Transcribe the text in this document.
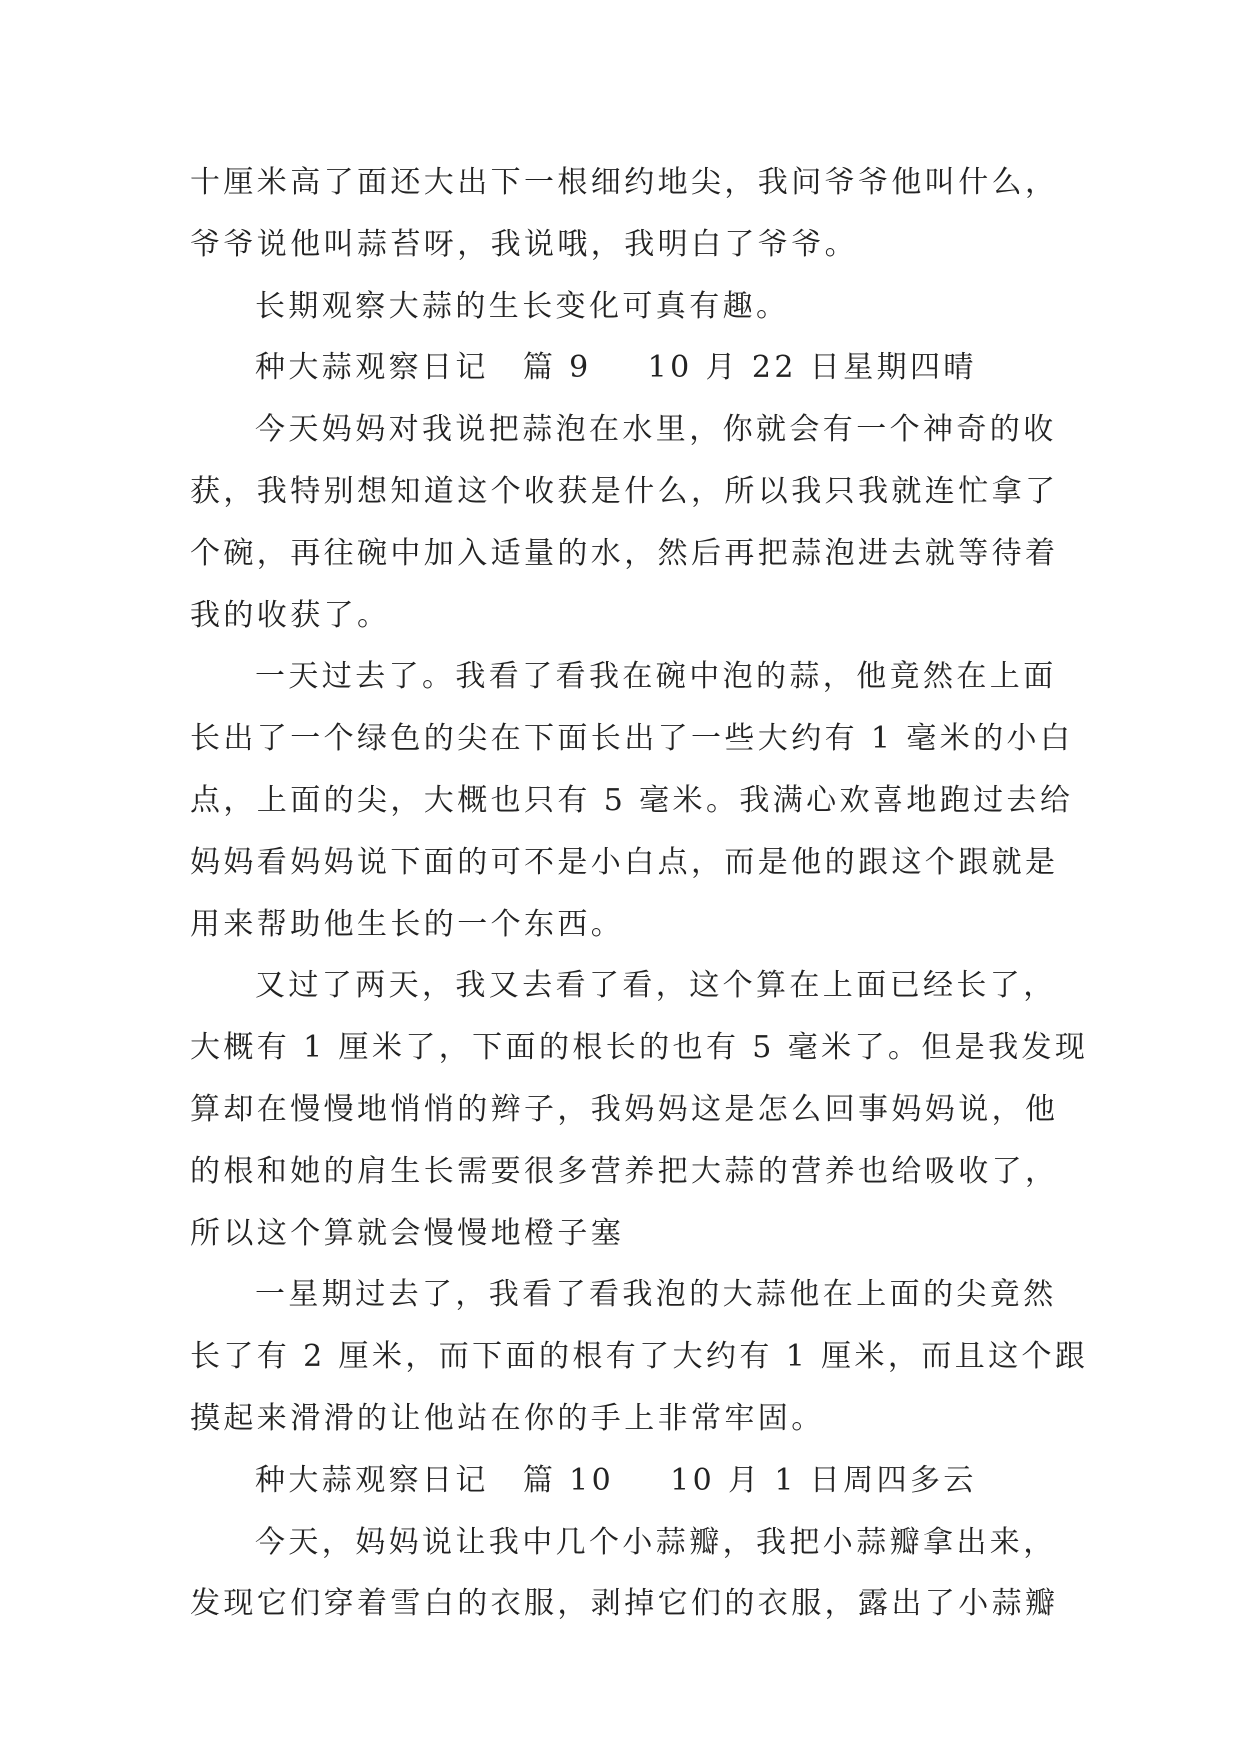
十厘米高了面还大出下一根细约地尖，我问爷爷他叫什么，
爷爷说他叫蒜苔呀，我说哦，我明白了爷爷。
长期观察大蒜的生长变化可真有趣。
种大蒜观察日记 篇 9 10 月 22 日星期四晴
今天妈妈对我说把蒜泡在水里，你就会有一个神奇的收
获，我特别想知道这个收获是什么，所以我只我就连忙拿了
个碗，再往碗中加入适量的水，然后再把蒜泡进去就等待着
我的收获了。
一天过去了。我看了看我在碗中泡的蒜，他竟然在上面
长出了一个绿色的尖在下面长出了一些大约有 1 毫米的小白
点，上面的尖，大概也只有 5 毫米。我满心欢喜地跑过去给
妈妈看妈妈说下面的可不是小白点，而是他的跟这个跟就是
用来帮助他生长的一个东西。
又过了两天，我又去看了看，这个算在上面已经长了，
大概有 1 厘米了，下面的根长的也有 5 毫米了。但是我发现
算却在慢慢地悄悄的辫子，我妈妈这是怎么回事妈妈说，他
的根和她的肩生长需要很多营养把大蒜的营养也给吸收了，
所以这个算就会慢慢地橙子塞
一星期过去了，我看了看我泡的大蒜他在上面的尖竟然
长了有 2 厘米，而下面的根有了大约有 1 厘米，而且这个跟
摸起来滑滑的让他站在你的手上非常牢固。
种大蒜观察日记 篇 10 10 月 1 日周四多云
今天，妈妈说让我中几个小蒜瓣，我把小蒜瓣拿出来，
发现它们穿着雪白的衣服，剥掉它们的衣服，露出了小蒜瓣
